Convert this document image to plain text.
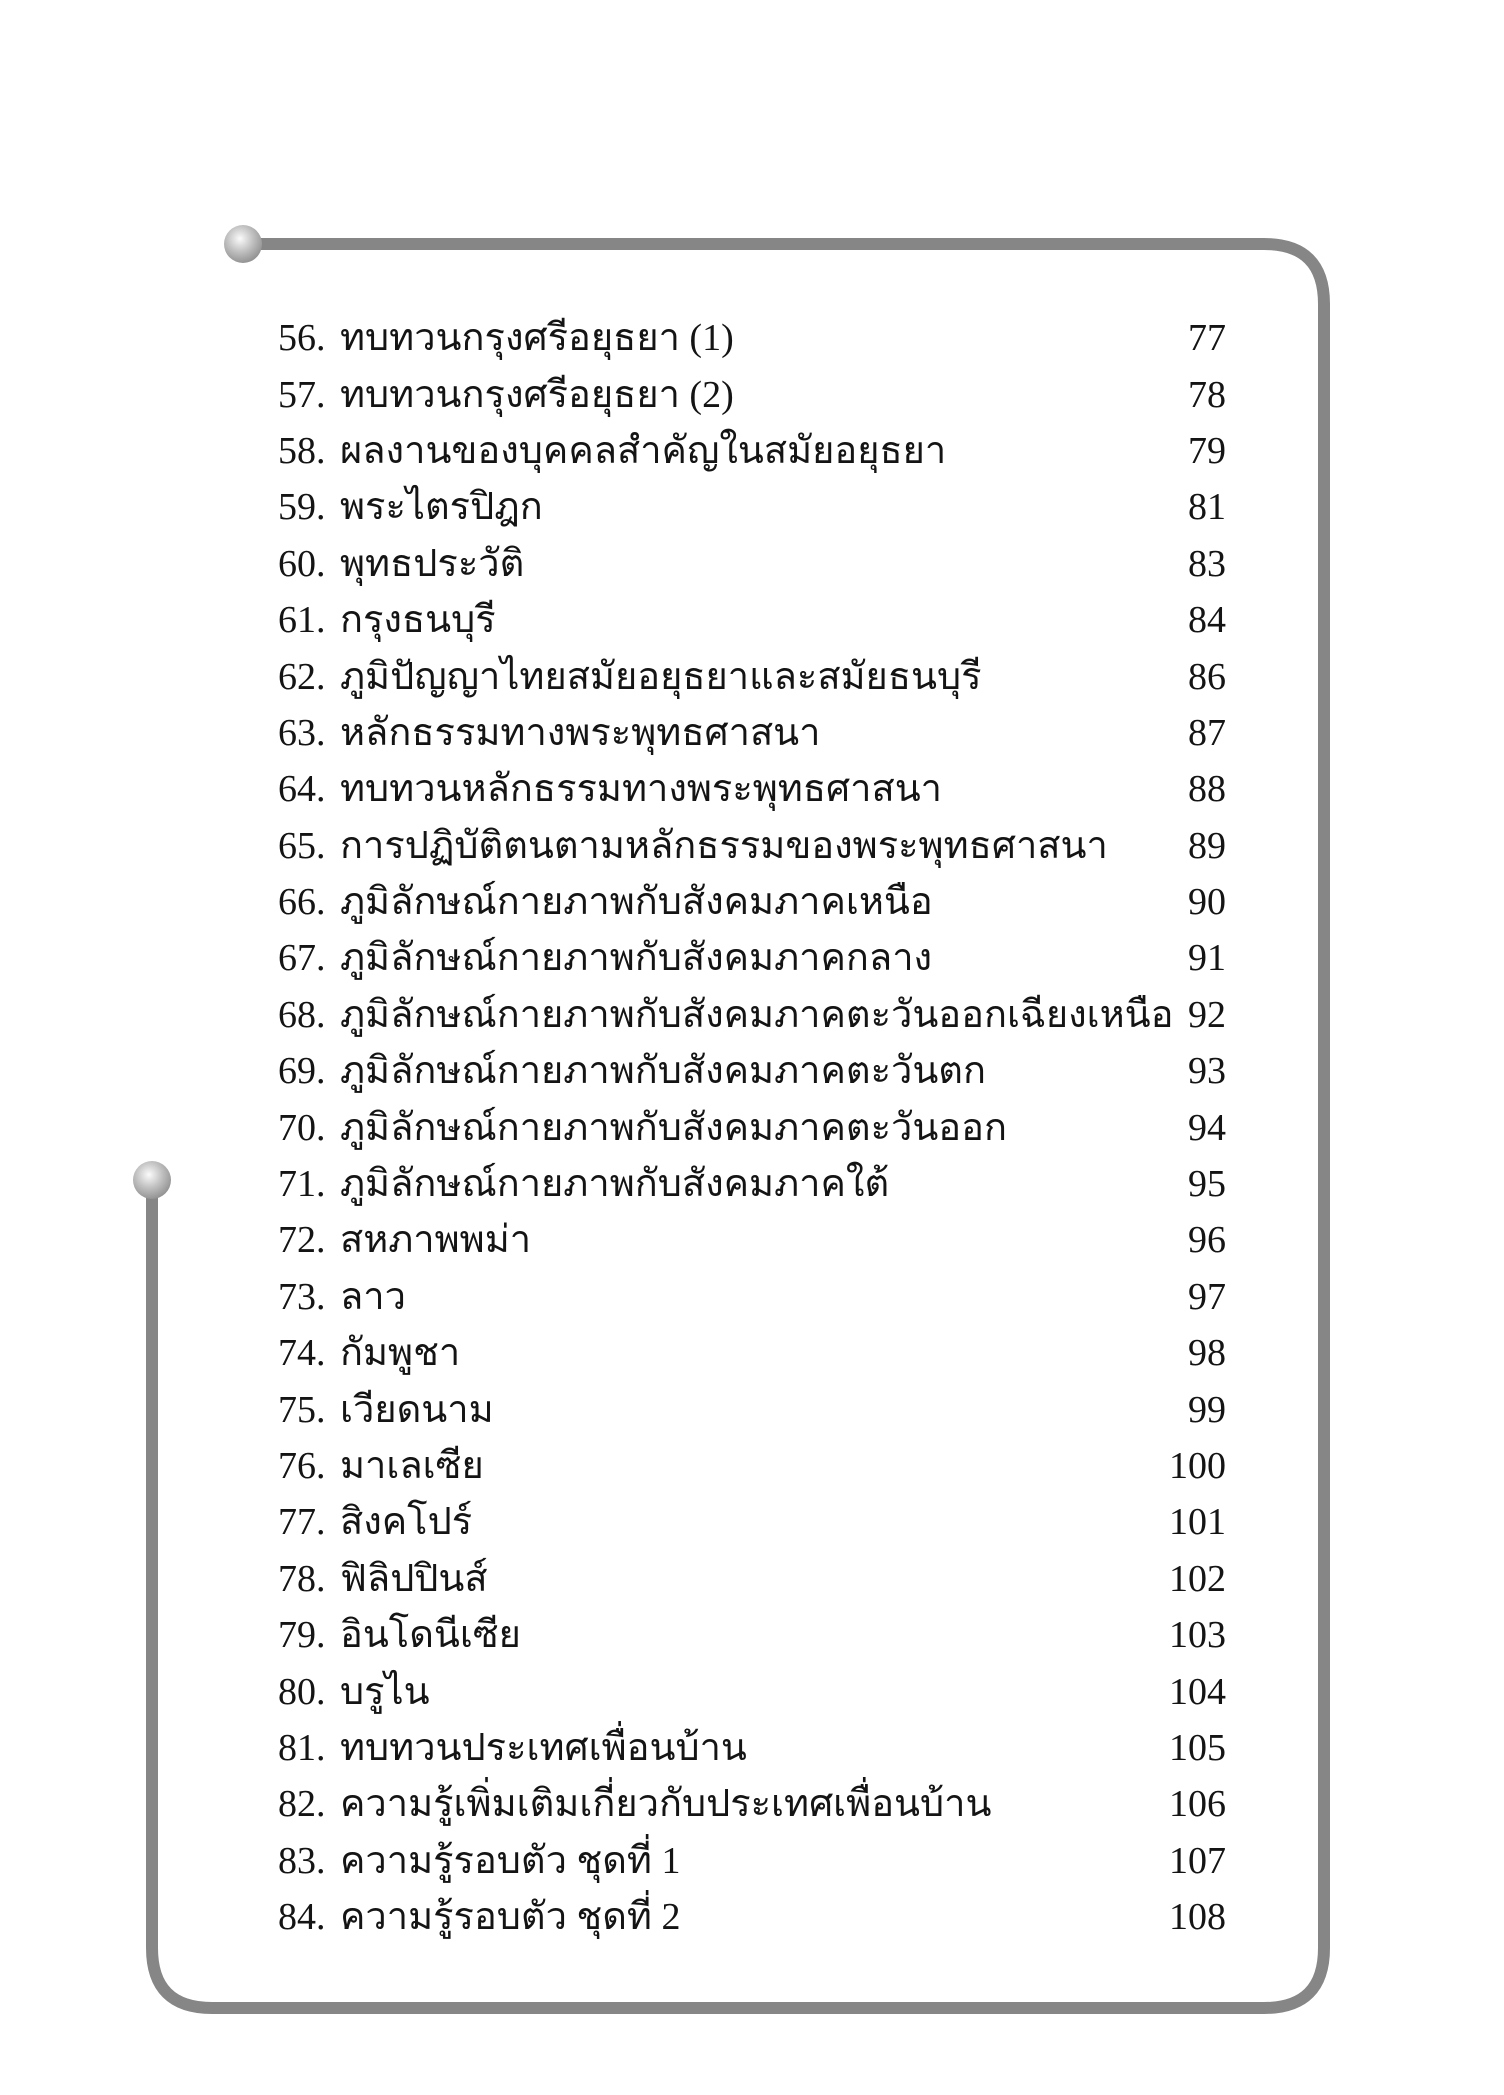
56. ทบทวนกรุงศรีอยุธยา (1)	77
57. ทบทวนกรุงศรีอยุธยา (2)	78
58. ผลงานของบุคคลสำคัญในสมัยอยุธยา	79
59. พระไตรปิฎก	81
60. พุทธประวัติ	83
61. กรุงธนบุรี	84
62. ภูมิปัญญาไทยสมัยอยุธยาและสมัยธนบุรี	86
63. หลักธรรมทางพระพุทธศาสนา	87
64. ทบทวนหลักธรรมทางพระพุทธศาสนา	88
65. การปฏิบัติตนตามหลักธรรมของพระพุทธศาสนา	89
66. ภูมิลักษณ์กายภาพกับสังคมภาคเหนือ	90
67. ภูมิลักษณ์กายภาพกับสังคมภาคกลาง	91
68. ภูมิลักษณ์กายภาพกับสังคมภาคตะวันออกเฉียงเหนือ 92
69. ภูมิลักษณ์กายภาพกับสังคมภาคตะวันตก	93
70. ภูมิลักษณ์กายภาพกับสังคมภาคตะวันออก	94
71. ภูมิลักษณ์กายภาพกับสังคมภาคใต้	95
72. สหภาพพม่า	96
73. ลาว	97
74. กัมพูชา	98
75. เวียดนาม	99
76. มาเลเซีย	100
77. สิงคโปร์	101
78. ฟิลิปปินส์	102
79. อินโดนีเซีย	103
80. บรูไน	104
81. ทบทวนประเทศเพื่อนบ้าน	105
82. ความรู้เพิ่มเติมเกี่ยวกับประเทศเพื่อนบ้าน	106
83. ความรู้รอบตัว ชุดที่ 1	107
84. ความรู้รอบตัว ชุดที่ 2	108
